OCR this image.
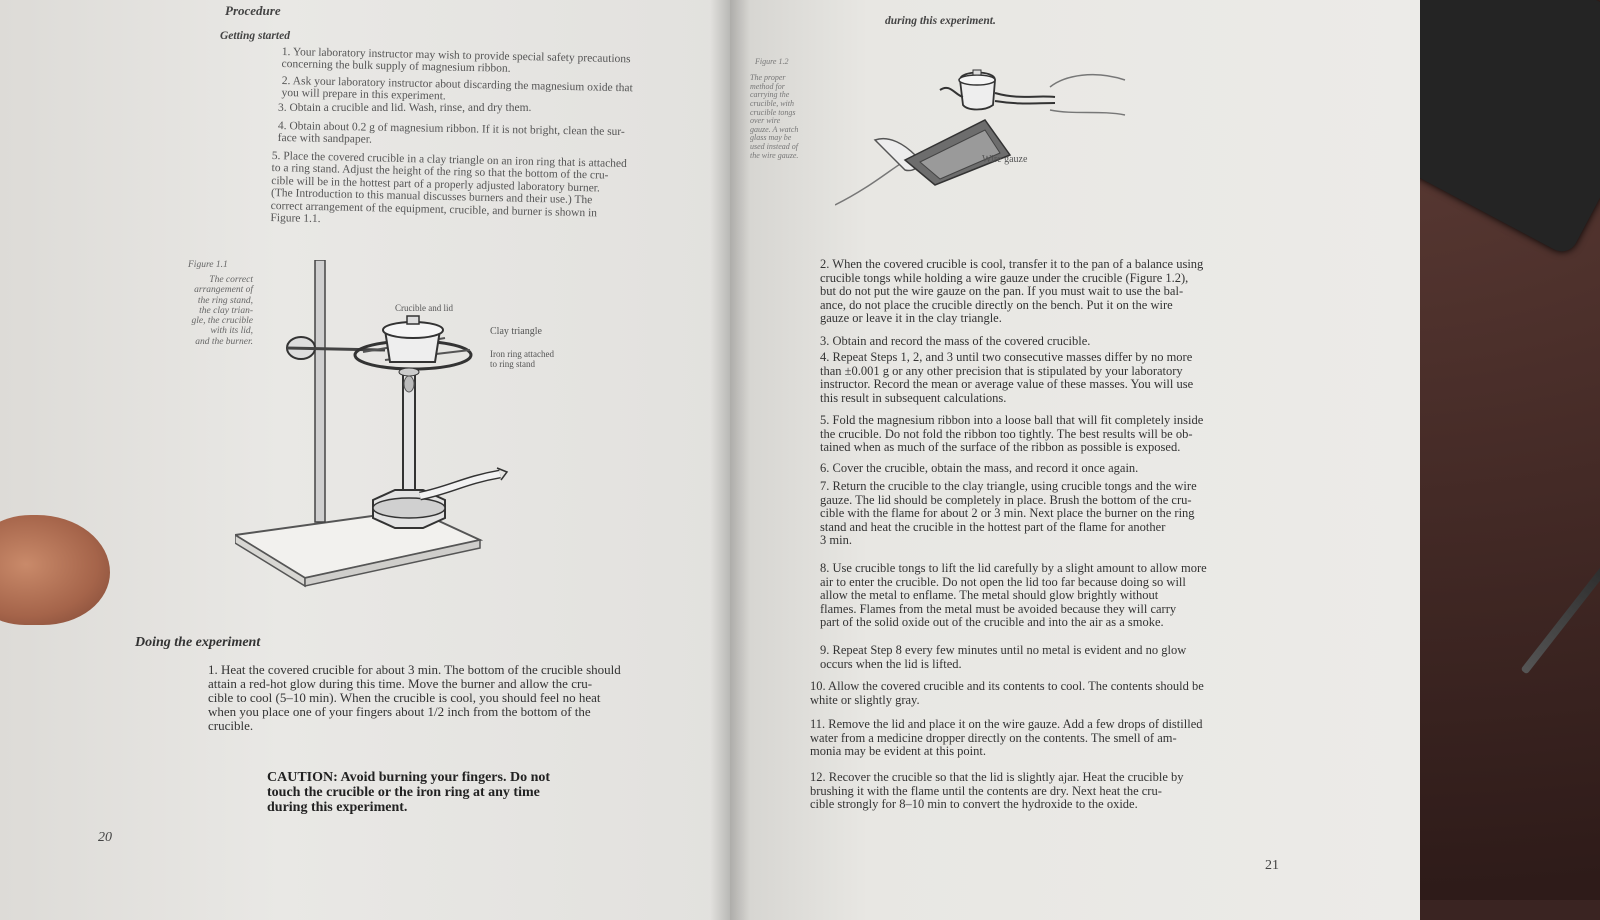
Procedure
Getting started
1. Your laboratory instructor may wish to provide special safety precautions
concerning the bulk supply of magnesium ribbon.
2. Ask your laboratory instructor about discarding the magnesium oxide that
you will prepare in this experiment.
3. Obtain a crucible and lid. Wash, rinse, and dry them.
4. Obtain about 0.2 g of magnesium ribbon. If it is not bright, clean the sur-
face with sandpaper.
5. Place the covered crucible in a clay triangle on an iron ring that is attached
to a ring stand. Adjust the height of the ring so that the bottom of the cru-
cible will be in the hottest part of a properly adjusted laboratory burner.
(The Introduction to this manual discusses burners and their use.) The
correct arrangement of the equipment, crucible, and burner is shown in
Figure 1.1.
Figure 1.1
The correct
arrangement of
the ring stand,
the clay trian-
gle, the crucible
with its lid,
and the burner.
Crucible and lid
Clay triangle
Iron ring attached
to ring stand
Doing the experiment
1. Heat the covered crucible for about 3 min. The bottom of the crucible should
attain a red-hot glow during this time. Move the burner and allow the cru-
cible to cool (5–10 min). When the crucible is cool, you should feel no heat
when you place one of your fingers about 1/2 inch from the bottom of the
crucible.
CAUTION: Avoid burning your fingers. Do not
touch the crucible or the iron ring at any time
during this experiment.
20
during this experiment.
Figure 1.2
The proper
method for
carrying the
crucible, with
crucible tongs
over wire
gauze. A watch
glass may be
used instead of
the wire gauze.	Wire gauze
2. When the covered crucible is cool, transfer it to the pan of a balance using
crucible tongs while holding a wire gauze under the crucible (Figure 1.2),
but do not put the wire gauze on the pan. If you must wait to use the bal-
ance, do not place the crucible directly on the bench. Put it on the wire
gauze or leave it in the clay triangle.
3. Obtain and record the mass of the covered crucible.
4. Repeat Steps 1, 2, and 3 until two consecutive masses differ by no more
than ±0.001 g or any other precision that is stipulated by your laboratory
instructor. Record the mean or average value of these masses. You will use
this result in subsequent calculations.
5. Fold the magnesium ribbon into a loose ball that will fit completely inside
the crucible. Do not fold the ribbon too tightly. The best results will be ob-
tained when as much of the surface of the ribbon as possible is exposed.
6. Cover the crucible, obtain the mass, and record it once again.
7. Return the crucible to the clay triangle, using crucible tongs and the wire
gauze. The lid should be completely in place. Brush the bottom of the cru-
cible with the flame for about 2 or 3 min. Next place the burner on the ring
stand and heat the crucible in the hottest part of the flame for another
3 min.
8. Use crucible tongs to lift the lid carefully by a slight amount to allow more
air to enter the crucible. Do not open the lid too far because doing so will
allow the metal to enflame. The metal should glow brightly without
flames. Flames from the metal must be avoided because they will carry
part of the solid oxide out of the crucible and into the air as a smoke.
9. Repeat Step 8 every few minutes until no metal is evident and no glow
occurs when the lid is lifted.
10. Allow the covered crucible and its contents to cool. The contents should be
white or slightly gray.
11. Remove the lid and place it on the wire gauze. Add a few drops of distilled
water from a medicine dropper directly on the contents. The smell of am-
monia may be evident at this point.
12. Recover the crucible so that the lid is slightly ajar. Heat the crucible by
brushing it with the flame until the contents are dry. Next heat the cru-
cible strongly for 8–10 min to convert the hydroxide to the oxide.
21
